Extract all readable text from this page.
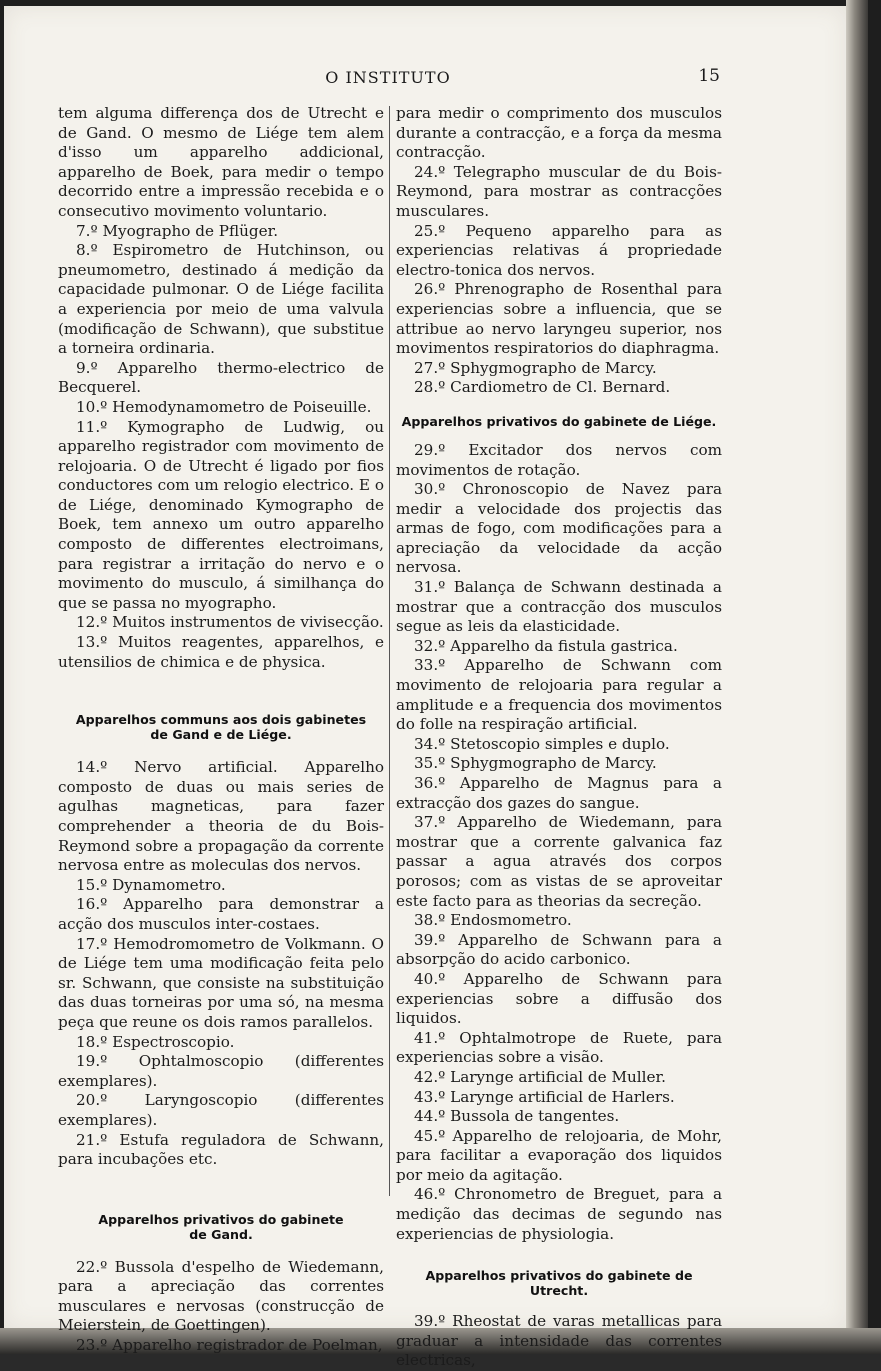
O INSTITUTO	15

tem alguma differença dos de Utrecht e de Gand. O mesmo de Liége tem alem d'isso um apparelho addicional, apparelho de Boek, para medir o tempo decorrido entre a impressão recebida e o consecutivo movimento voluntario.

7.º Myographo de Pflüger.

8.º Espirometro de Hutchinson, ou pneumometro, destinado á medição da capacidade pulmonar. O de Liége facilita a experiencia por meio de uma valvula (modificação de Schwann), que substitue a torneira ordinaria.

9.º Apparelho thermo-electrico de Becquerel.

10.º Hemodynamometro de Poiseuille.

11.º Kymographo de Ludwig, ou apparelho registrador com movimento de relojoaria. O de Utrecht é ligado por fios conductores com um relogio electrico. E o de Liége, denominado Kymographo de Boek, tem annexo um outro apparelho composto de differentes electroimans, para registrar a irritação do nervo e o movimento do musculo, á similhança do que se passa no myographo.

12.º Muitos instrumentos de vivisecção.

13.º Muitos reagentes, apparelhos, e utensilios de chimica e de physica.

Apparelhos communs aos dois gabinetes

de Gand e de Liége.

14.º Nervo artificial. Apparelho composto de duas ou mais series de agulhas magneticas, para fazer comprehender a theoria de du Bois-Reymond sobre a propagação da corrente nervosa entre as moleculas dos nervos.

15.º Dynamometro.

16.º Apparelho para demonstrar a acção dos musculos inter-costaes.

17.º Hemodromometro de Volkmann. O de Liége tem uma modificação feita pelo sr. Schwann, que consiste na substituição das duas torneiras por uma só, na mesma peça que reune os dois ramos parallelos.

18.º Espectroscopio.

19.º Ophtalmoscopio (differentes exemplares).

20.º Laryngoscopio (differentes exemplares).

21.º Estufa reguladora de Schwann, para incubações etc.

Apparelhos privativos do gabinete

de Gand.

22.º Bussola d'espelho de Wiedemann, para a apreciação das correntes musculares e nervosas (construcção de Meierstein, de Goettingen).

23.º Apparelho registrador de Poelman,

para medir o comprimento dos musculos durante a contracção, e a força da mesma contracção.

24.º Telegrapho muscular de du Bois-Reymond, para mostrar as contracções musculares.

25.º Pequeno apparelho para as experiencias relativas á propriedade electro-tonica dos nervos.

26.º Phrenographo de Rosenthal para experiencias sobre a influencia, que se attribue ao nervo laryngeu superior, nos movimentos respiratorios do diaphragma.

27.º Sphygmographo de Marcy.

28.º Cardiometro de Cl. Bernard.

Apparelhos privativos do gabinete de Liége.

29.º Excitador dos nervos com movimentos de rotação.

30.º Chronoscopio de Navez para medir a velocidade dos projectis das armas de fogo, com modificações para a apreciação da velocidade da acção nervosa.

31.º Balança de Schwann destinada a mostrar que a contracção dos musculos segue as leis da elasticidade.

32.º Apparelho da fistula gastrica.

33.º Apparelho de Schwann com movimento de relojoaria para regular a amplitude e a frequencia dos movimentos do folle na respiração artificial.

34.º Stetoscopio simples e duplo.

35.º Sphygmographo de Marcy.

36.º Apparelho de Magnus para a extracção dos gazes do sangue.

37.º Apparelho de Wiedemann, para mostrar que a corrente galvanica faz passar a agua através dos corpos porosos; com as vistas de se aproveitar este facto para as theorias da secreção.

38.º Endosmometro.

39.º Apparelho de Schwann para a absorpção do acido carbonico.

40.º Apparelho de Schwann para experiencias sobre a diffusão dos liquidos.

41.º Ophtalmotrope de Ruete, para experiencias sobre a visão.

42.º Larynge artificial de Muller.

43.º Larynge artificial de Harlers.

44.º Bussola de tangentes.

45.º Apparelho de relojoaria, de Mohr, para facilitar a evaporação dos liquidos por meio da agitação.

46.º Chronometro de Breguet, para a medição das decimas de segundo nas experiencias de physiologia.

Apparelhos privativos do gabinete de Utrecht.

39.º Rheostat de varas metallicas para graduar a intensidade das correntes electricas,
